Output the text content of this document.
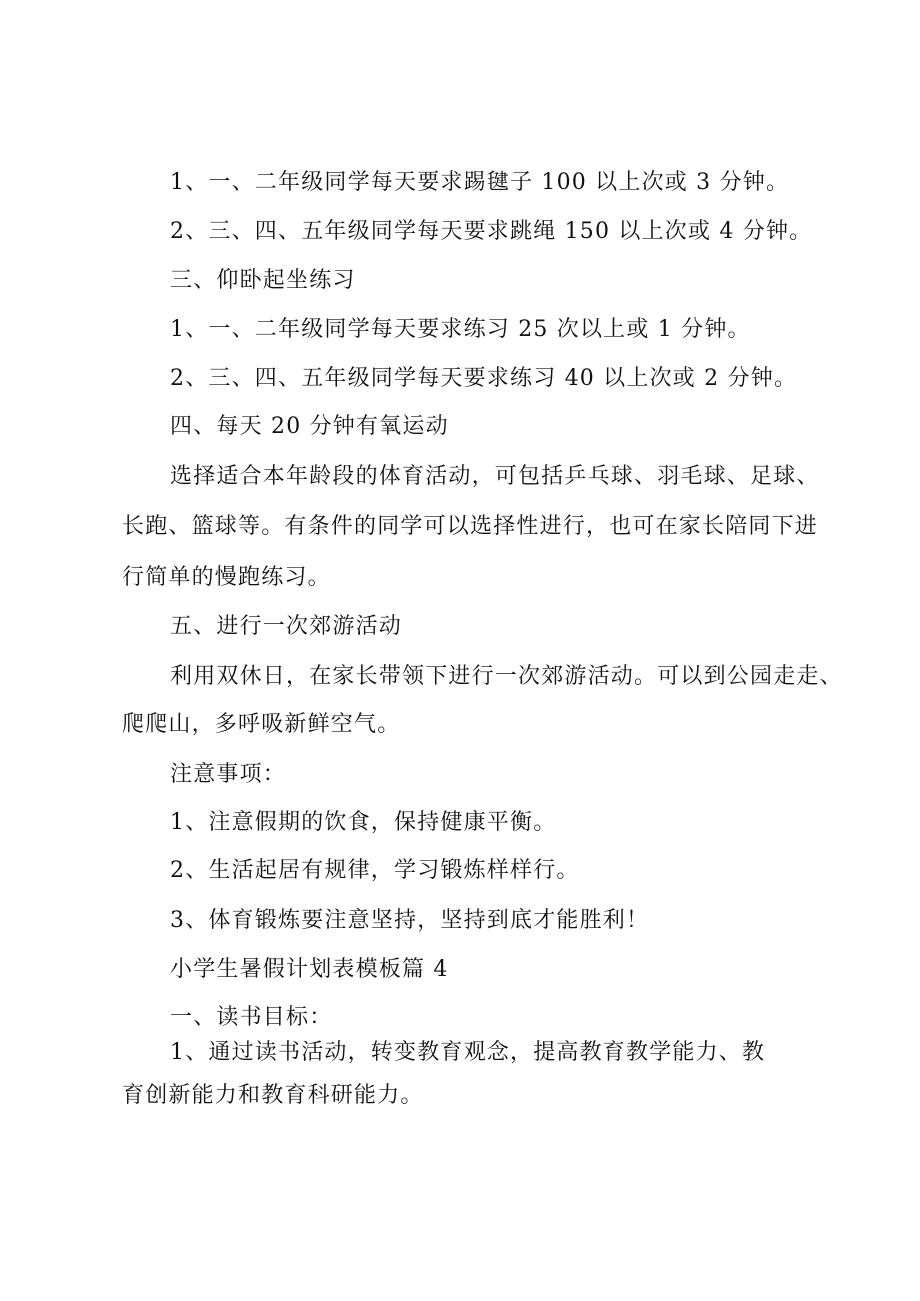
1、一、二年级同学每天要求踢毽子 100 以上次或 3 分钟。
2、三、四、五年级同学每天要求跳绳 150 以上次或 4 分钟。
三、仰卧起坐练习
1、一、二年级同学每天要求练习 25 次以上或 1 分钟。
2、三、四、五年级同学每天要求练习 40 以上次或 2 分钟。
四、每天 20 分钟有氧运动
选择适合本年龄段的体育活动，可包括乒乓球、羽毛球、足球、
长跑、篮球等。有条件的同学可以选择性进行，也可在家长陪同下进
行简单的慢跑练习。
五、进行一次郊游活动
利用双休日，在家长带领下进行一次郊游活动。可以到公园走走、
爬爬山，多呼吸新鲜空气。
注意事项：
1、注意假期的饮食，保持健康平衡。
2、生活起居有规律，学习锻炼样样行。
3、体育锻炼要注意坚持，坚持到底才能胜利！
小学生暑假计划表模板篇 4
一、读书目标：
1、通过读书活动，转变教育观念，提高教育教学能力、教
育创新能力和教育科研能力。
